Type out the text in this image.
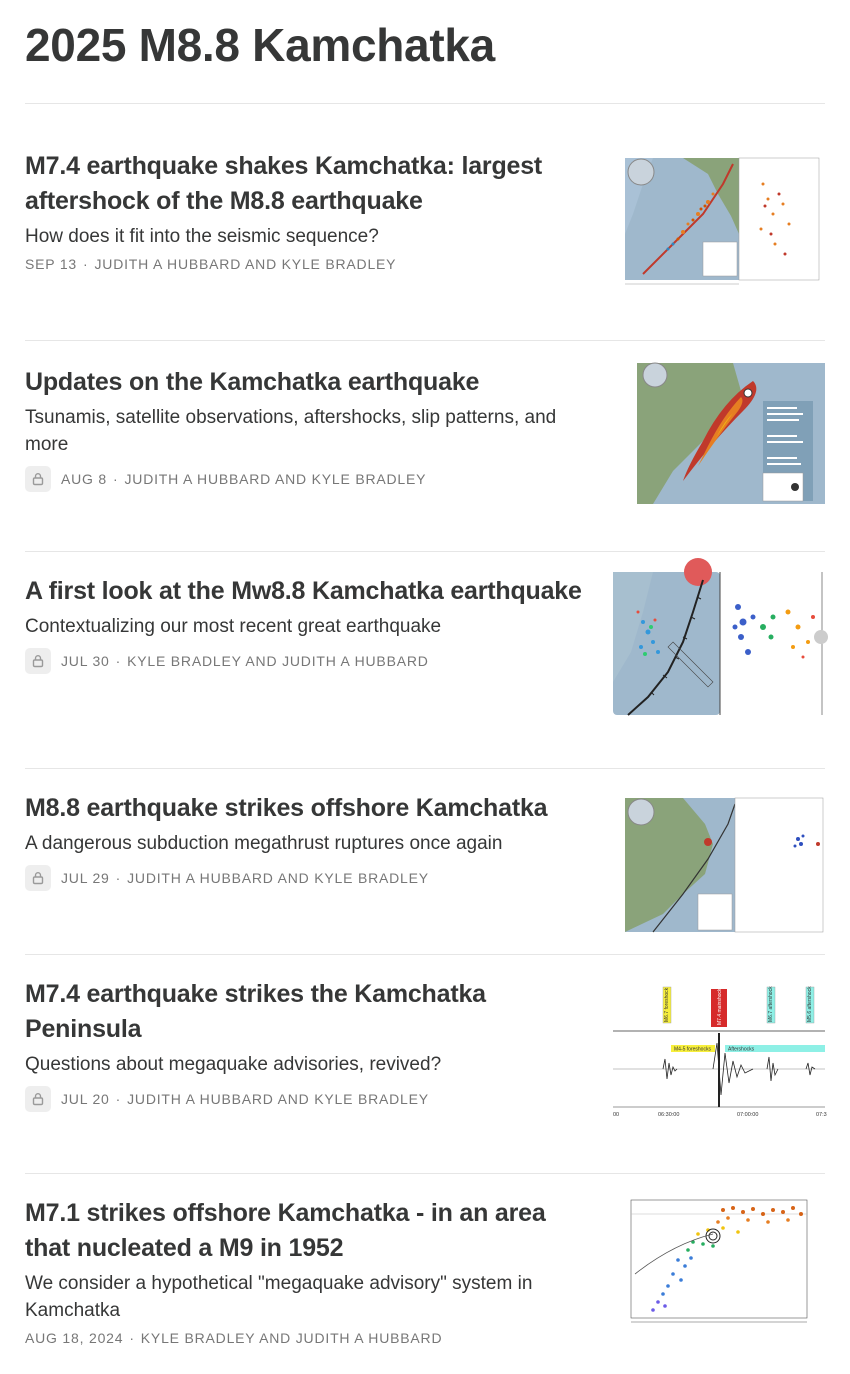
2025 M8.8 Kamchatka
M7.4 earthquake shakes Kamchatka: largest aftershock of the M8.8 earthquake

How does it fit into the seismic sequence?

SEP 13 · JUDITH A HUBBARD AND KYLE BRADLEY
Updates on the Kamchatka earthquake

Tsunamis, satellite observations, aftershocks, slip patterns, and more

AUG 8 · JUDITH A HUBBARD AND KYLE BRADLEY
A first look at the Mw8.8 Kamchatka earthquake

Contextualizing our most recent great earthquake

JUL 30 · KYLE BRADLEY AND JUDITH A HUBBARD
M8.8 earthquake strikes offshore Kamchatka

A dangerous subduction megathrust ruptures once again

JUL 29 · JUDITH A HUBBARD AND KYLE BRADLEY
M7.4 earthquake strikes the Kamchatka Peninsula

Questions about megaquake advisories, revived?

JUL 20 · JUDITH A HUBBARD AND KYLE BRADLEY
M6.7 foreshock	M7.4 mainshock	M6.7 aftershock	M5.6 aftershock
M4-5 foreshocks	Aftershocks
00	06:30:00	07:00:00	07:3
M7.1 strikes offshore Kamchatka - in an area that nucleated a M9 in 1952

We consider a hypothetical "megaquake advisory" system in Kamchatka

AUG 18, 2024 · KYLE BRADLEY AND JUDITH A HUBBARD
